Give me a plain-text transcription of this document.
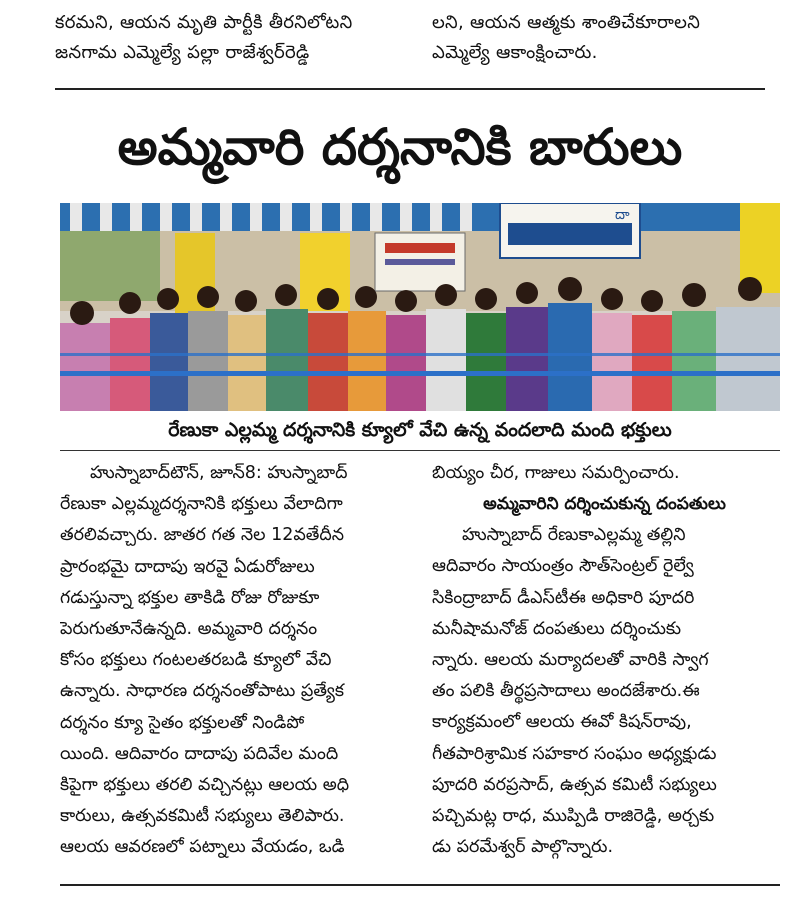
కరమని, ఆయన మృతి పార్టీకి తీరనిలోటని
జనగామ ఎమ్మెల్యే పల్లా రాజేశ్వర్‌రెడ్డి
లని, ఆయన ఆత్మకు శాంతిచేకూరాలని
ఎమ్మెల్యే ఆకాంక్షించారు.
అమ్మవారి దర్శనానికి బారులు
దా
రేణుకా ఎల్లమ్మ దర్శనానికి క్యూలో వేచి ఉన్న వందలాది మంది భక్తులు
హుస్నాబాద్‌టౌన్, జూన్‌8: హుస్నాబాద్
రేణుకా ఎల్లమ్మదర్శనానికి భక్తులు వేలాదిగా
తరలివచ్చారు. జాతర గత నెల 12వతేదీన
ప్రారంభమై దాదాపు ఇరవై ఏడురోజులు
గడుస్తున్నా భక్తుల తాకిడి రోజు రోజుకూ
పెరుగుతూనేఉన్నది. అమ్మవారి దర్శనం
కోసం భక్తులు గంటలతరబడి క్యూలో వేచి
ఉన్నారు. సాధారణ దర్శనంతోపాటు ప్రత్యేక
దర్శనం క్యూ సైతం భక్తులతో నిండిపో
యింది. ఆదివారం దాదాపు పదివేల మంది
కిపైగా భక్తులు తరలి వచ్చినట్లు ఆలయ అధి
కారులు, ఉత్సవకమిటీ సభ్యులు తెలిపారు.
ఆలయ ఆవరణలో పట్నాలు వేయడం, ఒడి
బియ్యం చీర, గాజులు సమర్పించారు.
అమ్మవారిని దర్శించుకున్న దంపతులు
హుస్నాబాద్ రేణుకాఎల్లమ్మ తల్లిని
ఆదివారం సాయంత్రం సౌత్‌సెంట్రల్ రైల్వే
సికింద్రాబాద్ డీఎస్‌టీఈ అధికారి పూదరి
మనీషామనోజ్ దంపతులు దర్శించుకు
న్నారు. ఆలయ మర్యాదలతో వారికి స్వాగ
తం పలికి తీర్థప్రసాదాలు అందజేశారు.ఈ
కార్యక్రమంలో ఆలయ ఈవో కిషన్‌రావు,
గీతపారిశ్రామిక సహకార సంఘం అధ్యక్షుడు
పూదరి వరప్రసాద్, ఉత్సవ కమిటీ సభ్యులు
పచ్చిమట్ల రాధ, ముప్పిడి రాజిరెడ్డి, అర్చకు
డు పరమేశ్వర్ పాల్గొన్నారు.
